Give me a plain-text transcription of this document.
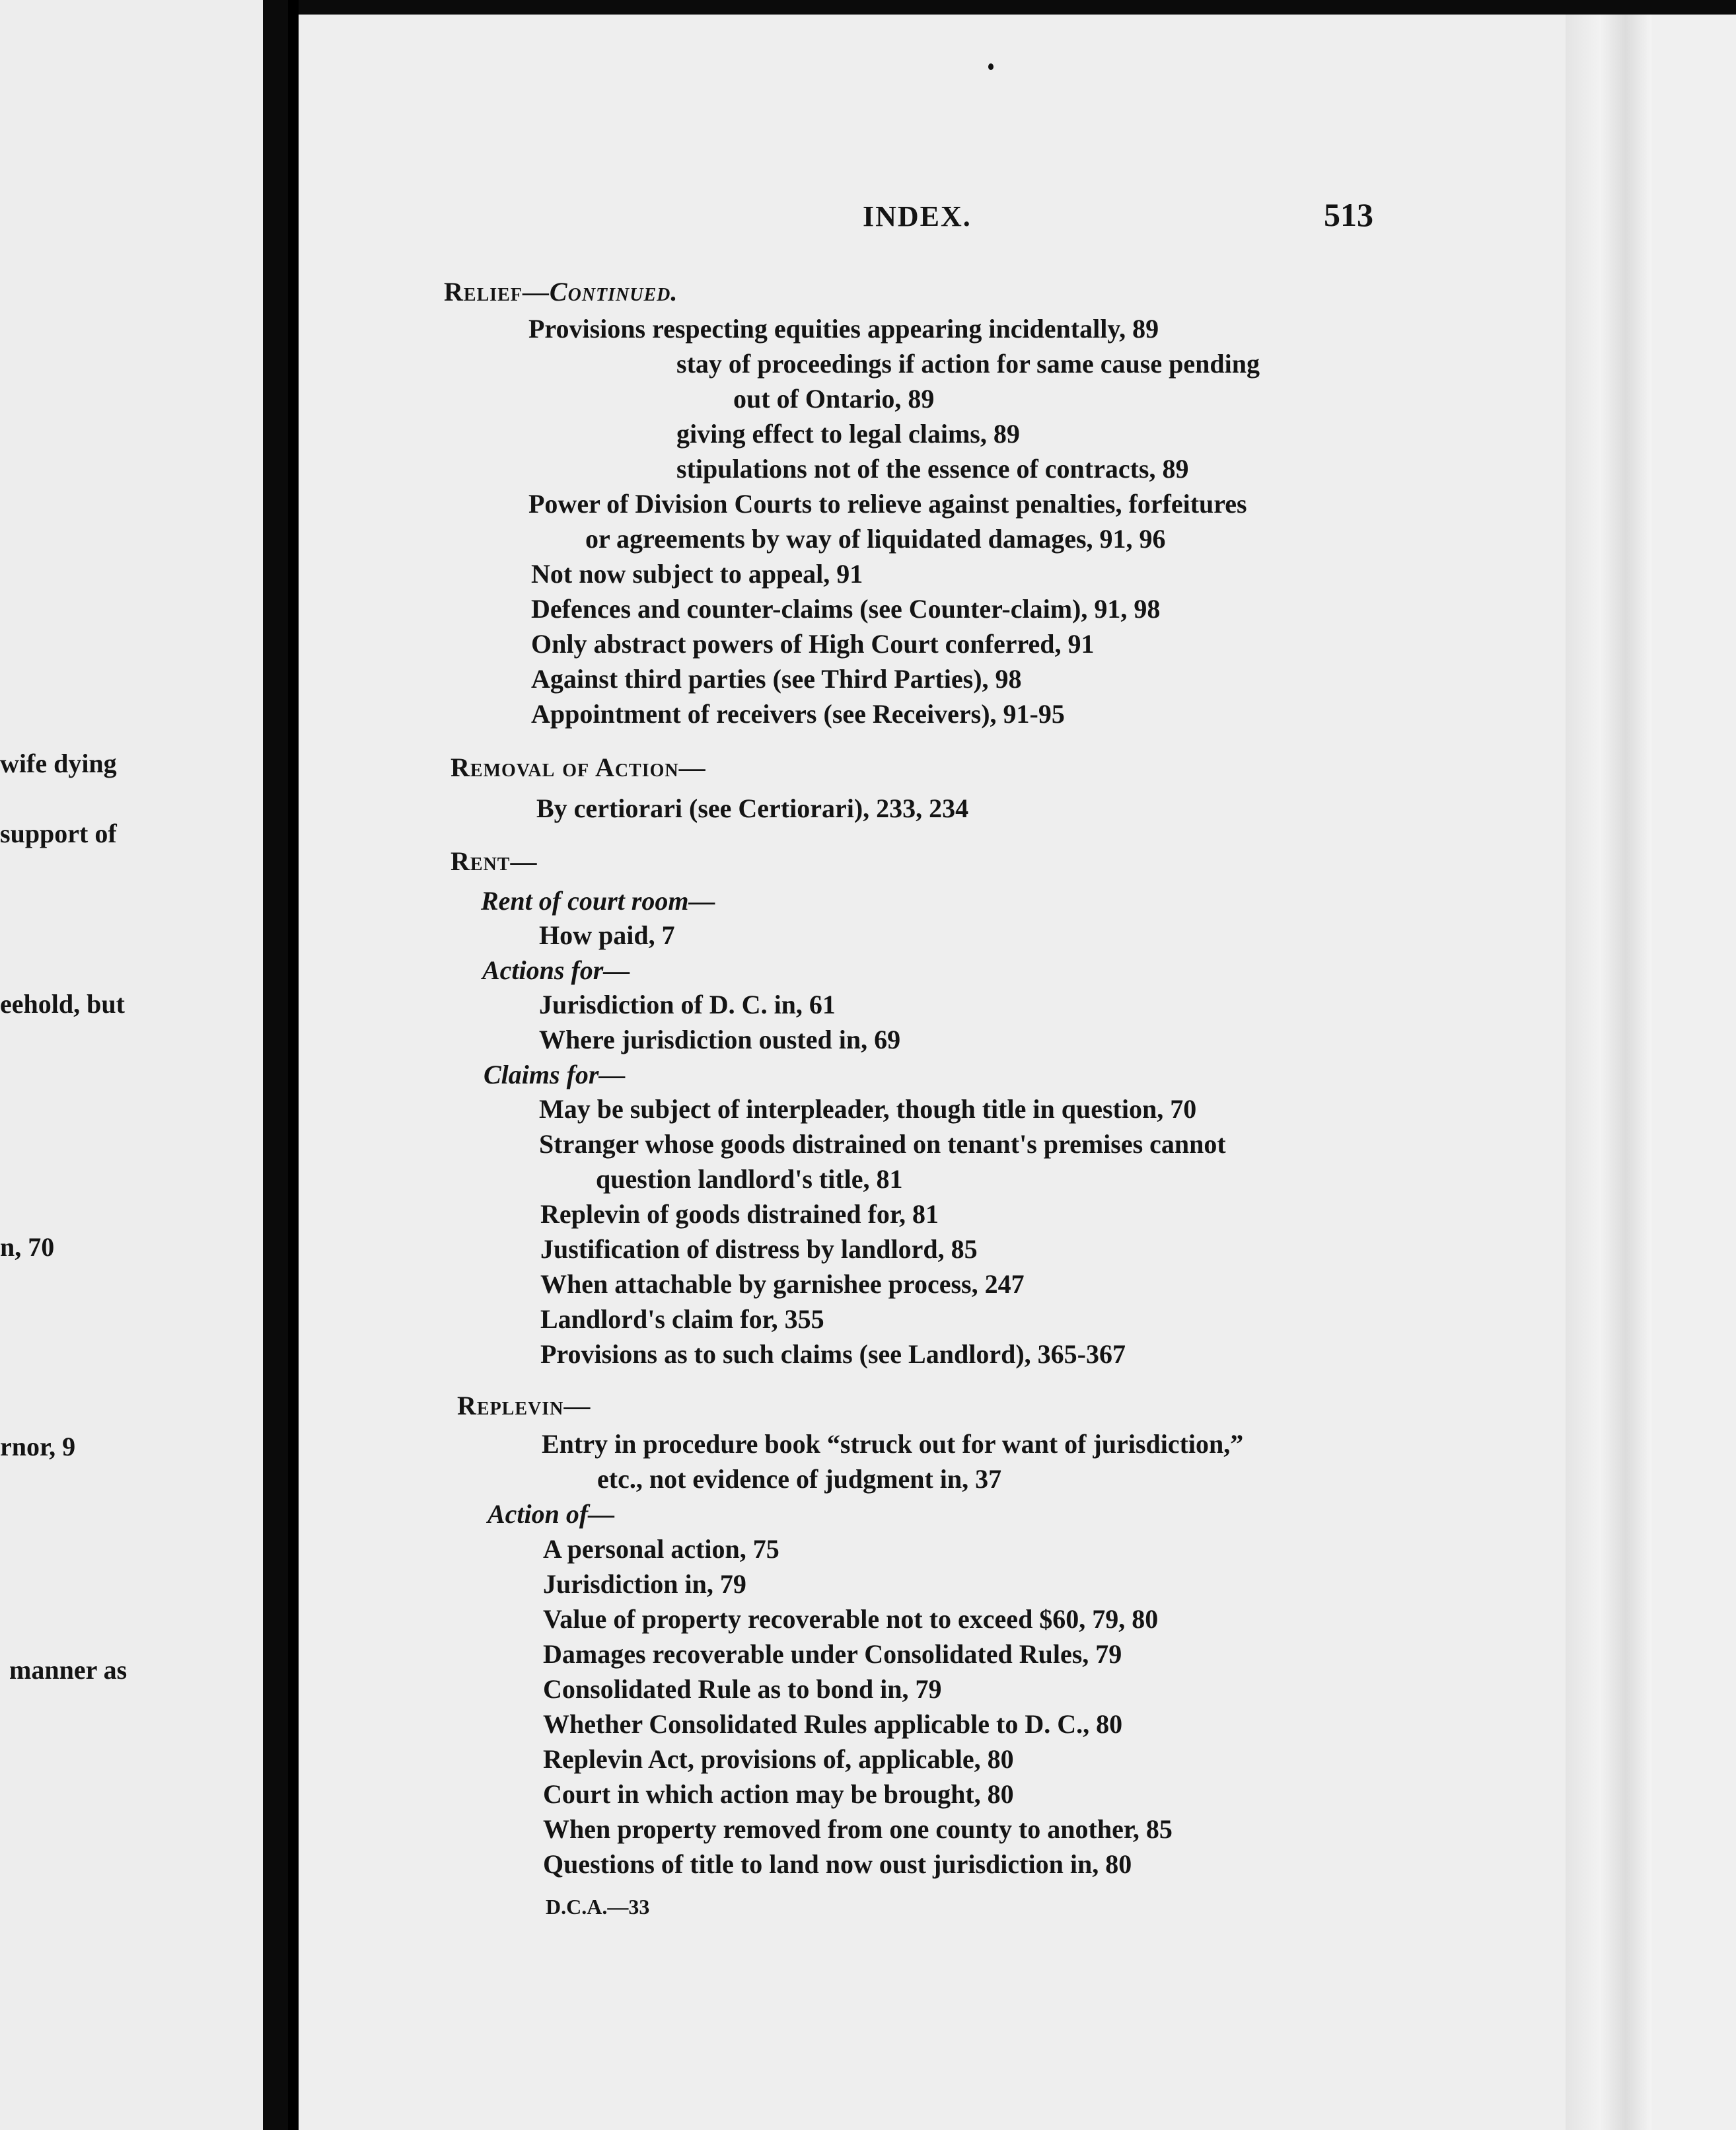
wife dying
support of
eehold, but
n, 70
rnor, 9
manner as
INDEX.	513
Relief—Continued.
Provisions respecting equities appearing incidentally, 89
stay of proceedings if action for same cause pending
out of Ontario, 89
giving effect to legal claims, 89
stipulations not of the essence of contracts, 89
Power of Division Courts to relieve against penalties, forfeitures
or agreements by way of liquidated damages, 91, 96
Not now subject to appeal, 91
Defences and counter-claims (see Counter-claim), 91, 98
Only abstract powers of High Court conferred, 91
Against third parties (see Third Parties), 98
Appointment of receivers (see Receivers), 91-95
Removal of Action—
By certiorari (see Certiorari), 233, 234
Rent—
Rent of court room—
How paid, 7
Actions for—
Jurisdiction of D. C. in, 61
Where jurisdiction ousted in, 69
Claims for—
May be subject of interpleader, though title in question, 70
Stranger whose goods distrained on tenant's premises cannot
question landlord's title, 81
Replevin of goods distrained for, 81
Justification of distress by landlord, 85
When attachable by garnishee process, 247
Landlord's claim for, 355
Provisions as to such claims (see Landlord), 365-367
Replevin—
Entry in procedure book “struck out for want of jurisdiction,”
etc., not evidence of judgment in, 37
Action of—
A personal action, 75
Jurisdiction in, 79
Value of property recoverable not to exceed $60, 79, 80
Damages recoverable under Consolidated Rules, 79
Consolidated Rule as to bond in, 79
Whether Consolidated Rules applicable to D. C., 80
Replevin Act, provisions of, applicable, 80
Court in which action may be brought, 80
When property removed from one county to another, 85
Questions of title to land now oust jurisdiction in, 80
D.C.A.—33
